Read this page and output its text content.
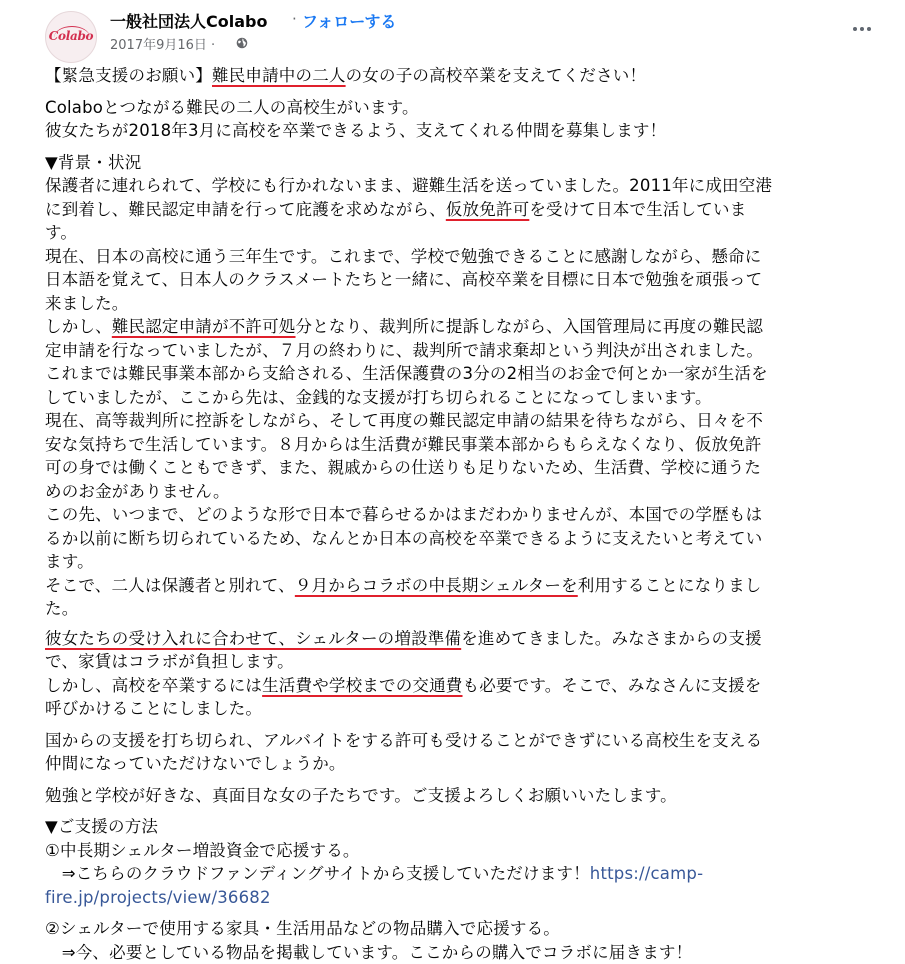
Colabo
一般社団法人Colabo · フォローする
2017年9月16日 ·

【緊急支援のお願い】難民申請中の二人の女の子の高校卒業を支えてください！

Colaboとつながる難民の二人の高校生がいます。

彼女たちが2018年3月に高校を卒業できるよう、支えてくれる仲間を募集します！

▼背景・状況

保護者に連れられて、学校にも行かれないまま、避難生活を送っていました。2011年に成田空港

に到着し、難民認定申請を行って庇護を求めながら、仮放免許可を受けて日本で生活していま

す。

現在、日本の高校に通う三年生です。これまで、学校で勉強できることに感謝しながら、懸命に

日本語を覚えて、日本人のクラスメートたちと一緒に、高校卒業を目標に日本で勉強を頑張って

来ました。

しかし、難民認定申請が不許可処分となり、裁判所に提訴しながら、入国管理局に再度の難民認

定申請を行なっていましたが、７月の終わりに、裁判所で請求棄却という判決が出されました。

これまでは難民事業本部から支給される、生活保護費の3分の2相当のお金で何とか一家が生活を

していましたが、ここから先は、金銭的な支援が打ち切られることになってしまいます。

現在、高等裁判所に控訴をしながら、そして再度の難民認定申請の結果を待ちながら、日々を不

安な気持ちで生活しています。８月からは生活費が難民事業本部からもらえなくなり、仮放免許

可の身では働くこともできず、また、親戚からの仕送りも足りないため、生活費、学校に通うた

めのお金がありません。

この先、いつまで、どのような形で日本で暮らせるかはまだわかりませんが、本国での学歴もは

るか以前に断ち切られているため、なんとか日本の高校を卒業できるように支えたいと考えてい

ます。

そこで、二人は保護者と別れて、９月からコラボの中長期シェルターを利用することになりまし

た。

彼女たちの受け入れに合わせて、シェルターの増設準備を進めてきました。みなさまからの支援

で、家賃はコラボが負担します。

しかし、高校を卒業するには生活費や学校までの交通費も必要です。そこで、みなさんに支援を

呼びかけることにしました。

国からの支援を打ち切られ、アルバイトをする許可も受けることができずにいる高校生を支える

仲間になっていただけないでしょうか。

勉強と学校が好きな、真面目な女の子たちです。ご支援よろしくお願いいたします。

▼ご支援の方法

①中長期シェルター増設資金で応援する。

　⇒こちらのクラウドファンディングサイトから支援していただけます！https://camp-

fire.jp/projects/view/36682

②シェルターで使用する家具・生活用品などの物品購入で応援する。

　⇒今、必要としている物品を掲載しています。ここからの購入でコラボに届きます！
